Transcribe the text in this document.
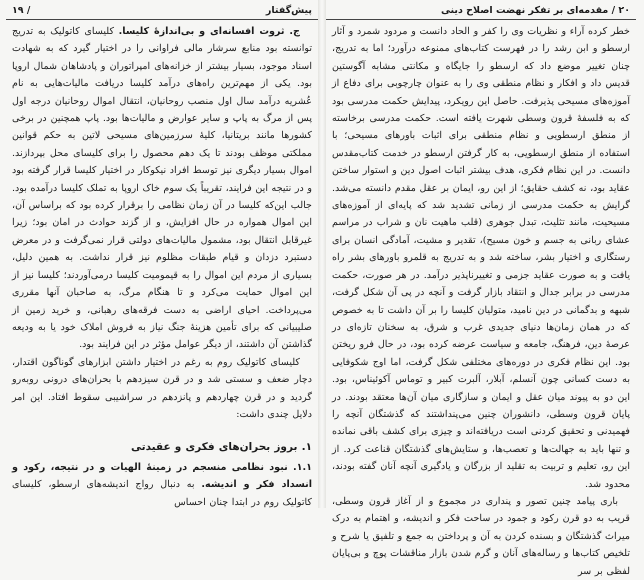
پیش‌گفتار
/ ۱۹

ج. ثروت افسانه‌ای و بی‌اندازهٔ کلیسا. کلیسای کاتولیک به تدریج توانسته بود منابع سرشار مالی فراوانی را در اختیار گیرد که به شهادت اسناد موجود، بسیار بیشتر از خزانه‌های امپراتوران و پادشاهان شمال اروپا بود. یکی از مهم‌ترین راه‌های درآمد کلیسا دریافت مالیات‌هایی به نام عُشریه درآمد سال اول منصب روحانیان، انتقال اموال روحانیان درجه اول پس از مرگ به پاپ و سایر عوارض و مالیات‌ها بود. پاپ همچنین در برخی کشورها مانند بریتانیا، کلیهٔ سرزمین‌های مسیحی لاتین به حکم قوانین مملکتی موظف بودند تا یک دهم محصول را برای کلیسای محل بپردازند. اموال بسیار دیگری نیز توسط افراد نیکوکار در اختیار کلیسا قرار گرفته بود و در نتیجه این فرایند، تقریباً یک سوم خاک اروپا به تملک کلیسا درآمده بود. جالب این‌که کلیسا در آن زمان نظامی را برقرار کرده بود که براساس آن، این اموال همواره در حال افزایش، و از گزند حوادث در امان بود؛ زیرا غیرقابل انتقال بود، مشمول مالیات‌های دولتی قرار نمی‌گرفت و در معرض دستبرد دزدان و قیام طبقات مظلوم نیز قرار نداشت. به همین دلیل، بسیاری از مردم این اموال را به قیمومیت کلیسا درمی‌آوردند؛ کلیسا نیز از این اموال حمایت می‌کرد و تا هنگام مرگ، به صاحبان آنها مقرری می‌پرداخت. احیای اراضی به دست فرقه‌های رهبانی، و خرید زمین از صلیبیانی که برای تأمین هزینهٔ جنگ نیاز به فروش املاک خود یا به ودیعه گذاشتن آن داشتند، از دیگر عوامل مؤثر در این فرایند بود.

کلیسای کاتولیک روم به رغم در اختیار داشتن ابزارهای گوناگون اقتدار، دچار ضعف و سستی شد و در قرن سیزدهم با بحران‌های درونی روبه‌رو گردید و در قرن چهاردهم و پانزدهم در سراشیبی سقوط افتاد. این امر دلایل چندی داشت:

۱. بروز بحران‌های فکری و عقیدتی

۱.۱. نبود نظامی منسجم در زمینهٔ الهیات و در نتیجه، رکود و انسداد فکر و اندیشه. به دنبال رواج اندیشه‌های ارسطو، کلیسای کاتولیک روم در ابتدا چنان احساس

۲۰ / مقدمه‌ای بر تفکر نهضت اصلاح دینی

خطر کرده آراء و نظریات وی را کفر و الحاد دانست و مردود شمرد و آثار ارسطو و ابن رشد را در فهرست کتاب‌های ممنوعه درآورد؛ اما به تدریج، چنان تغییر موضع داد که ارسطو را جایگاه و مکانتی مشابه آگوستین قدیس داد و افکار و نظام منطقی وی را به عنوان چارچوبی برای دفاع از آموزه‌های مسیحی پذیرفت. حاصل این رویکرد، پیدایش حکمت مدرسی بود که به فلسفهٔ قرون وسطی شهرت یافته است. حکمت مدرسی برخاسته از منطق ارسطویی و نظام منطقی برای اثبات باورهای مسیحی؛ با استفاده از منطق ارسطویی، به کار گرفتن ارسطو در خدمت کتاب‌مقدس دانست. در این نظام فکری، هدف بیشتر اثبات اصول دین و استوار ساختن عقاید بود، نه کشف حقایق؛ از این رو، ایمان بر عقل مقدم دانسته می‌شد. گرایش به حکمت مدرسی از زمانی تشدید شد که پایه‌ای از آموزه‌های مسیحیت، مانند تثلیث، تبدل جوهری (قلب ماهیت نان و شراب در مراسم عشای ربانی به جسم و خون مسیح)، تقدیر و مشیت، آمادگی انسان برای رستگاری و اختیار بشر، ساخته شد و به تدریج به قلمرو باورهای بشر راه یافت و به صورت عقاید جزمی و تغییرناپذیر درآمد. در هر صورت، حکمت مدرسی در برابر جدال و انتقاد بازار گرفت و آنچه در پی آن شکل گرفت، شبهه و بدگمانی در دین نامید، متولیان کلیسا را بر آن داشت تا به خصوص که در همان زمان‌ها دنیای جدیدی غرب و شرق، به سخنان تازه‌ای در عرصهٔ دین، فرهنگ، جامعه و سیاست عرضه کرده بود، در حال فرو ریختن بود. این نظام فکری در دوره‌های مختلفی شکل گرفت، اما اوج شکوفایی به دست کسانی چون آنسلم، آبلار، آلبرت کبیر و توماس آکوئیناس، بود. این دو به پیوند میان عقل و ایمان و سازگاری میان آن‌ها معتقد بودند. در پایان قرون وسطی، دانشوران چنین می‌پنداشتند که گذشتگان آنچه را فهمیدنی و تحقیق کردنی است دریافته‌اند و چیزی برای کشف باقی نمانده و تنها باید به جهالت‌ها و تعصب‌ها، و ستایش‌های گذشتگان قناعت کرد. از این رو، تعلیم و تربیت به تقلید از بزرگان و یادگیری آنچه آنان گفته بودند، محدود شد.

باری پیامد چنین تصور و پنداری در مجموع و از آغاز قرون وسطی، قریب به دو قرن رکود و جمود در ساحت فکر و اندیشه، و اهتمام به درک میراث گذشتگان و بسنده کردن به آن و پرداختن به جمع و تلفیق یا شرح و تلخیص کتاب‌ها و رساله‌های آنان و گرم شدن بازار مناقشات پوچ و بی‌پایان لفظی بر سر
